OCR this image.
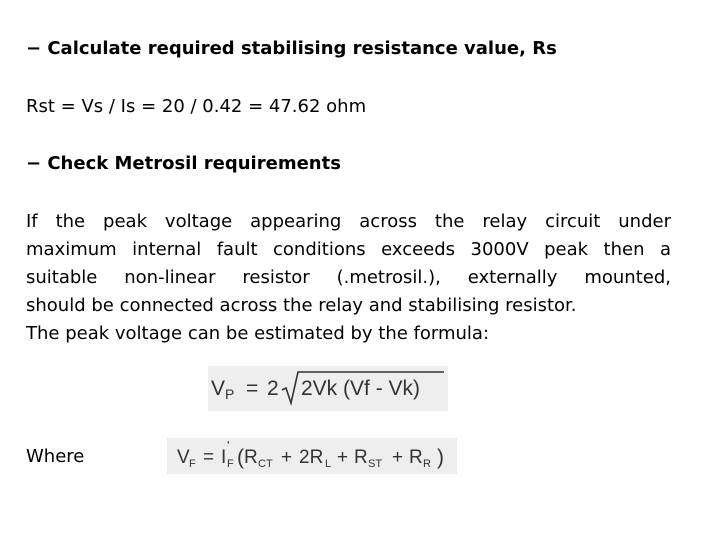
− Calculate required stabilising resistance value, Rs
Rst = Vs / Is = 20 / 0.42 = 47.62 ohm
− Check Metrosil requirements
If the peak voltage appearing across the relay circuit under
maximum internal fault conditions exceeds 3000V peak then a
suitable non-linear resistor (.metrosil.), externally mounted,
should be connected across the relay and stabilising resistor.
The peak voltage can be estimated by the formula:
V P = 2 2Vk (Vf - Vk)
Where	V F = I
'
F ( R CT + 2R L + R ST + R R )
